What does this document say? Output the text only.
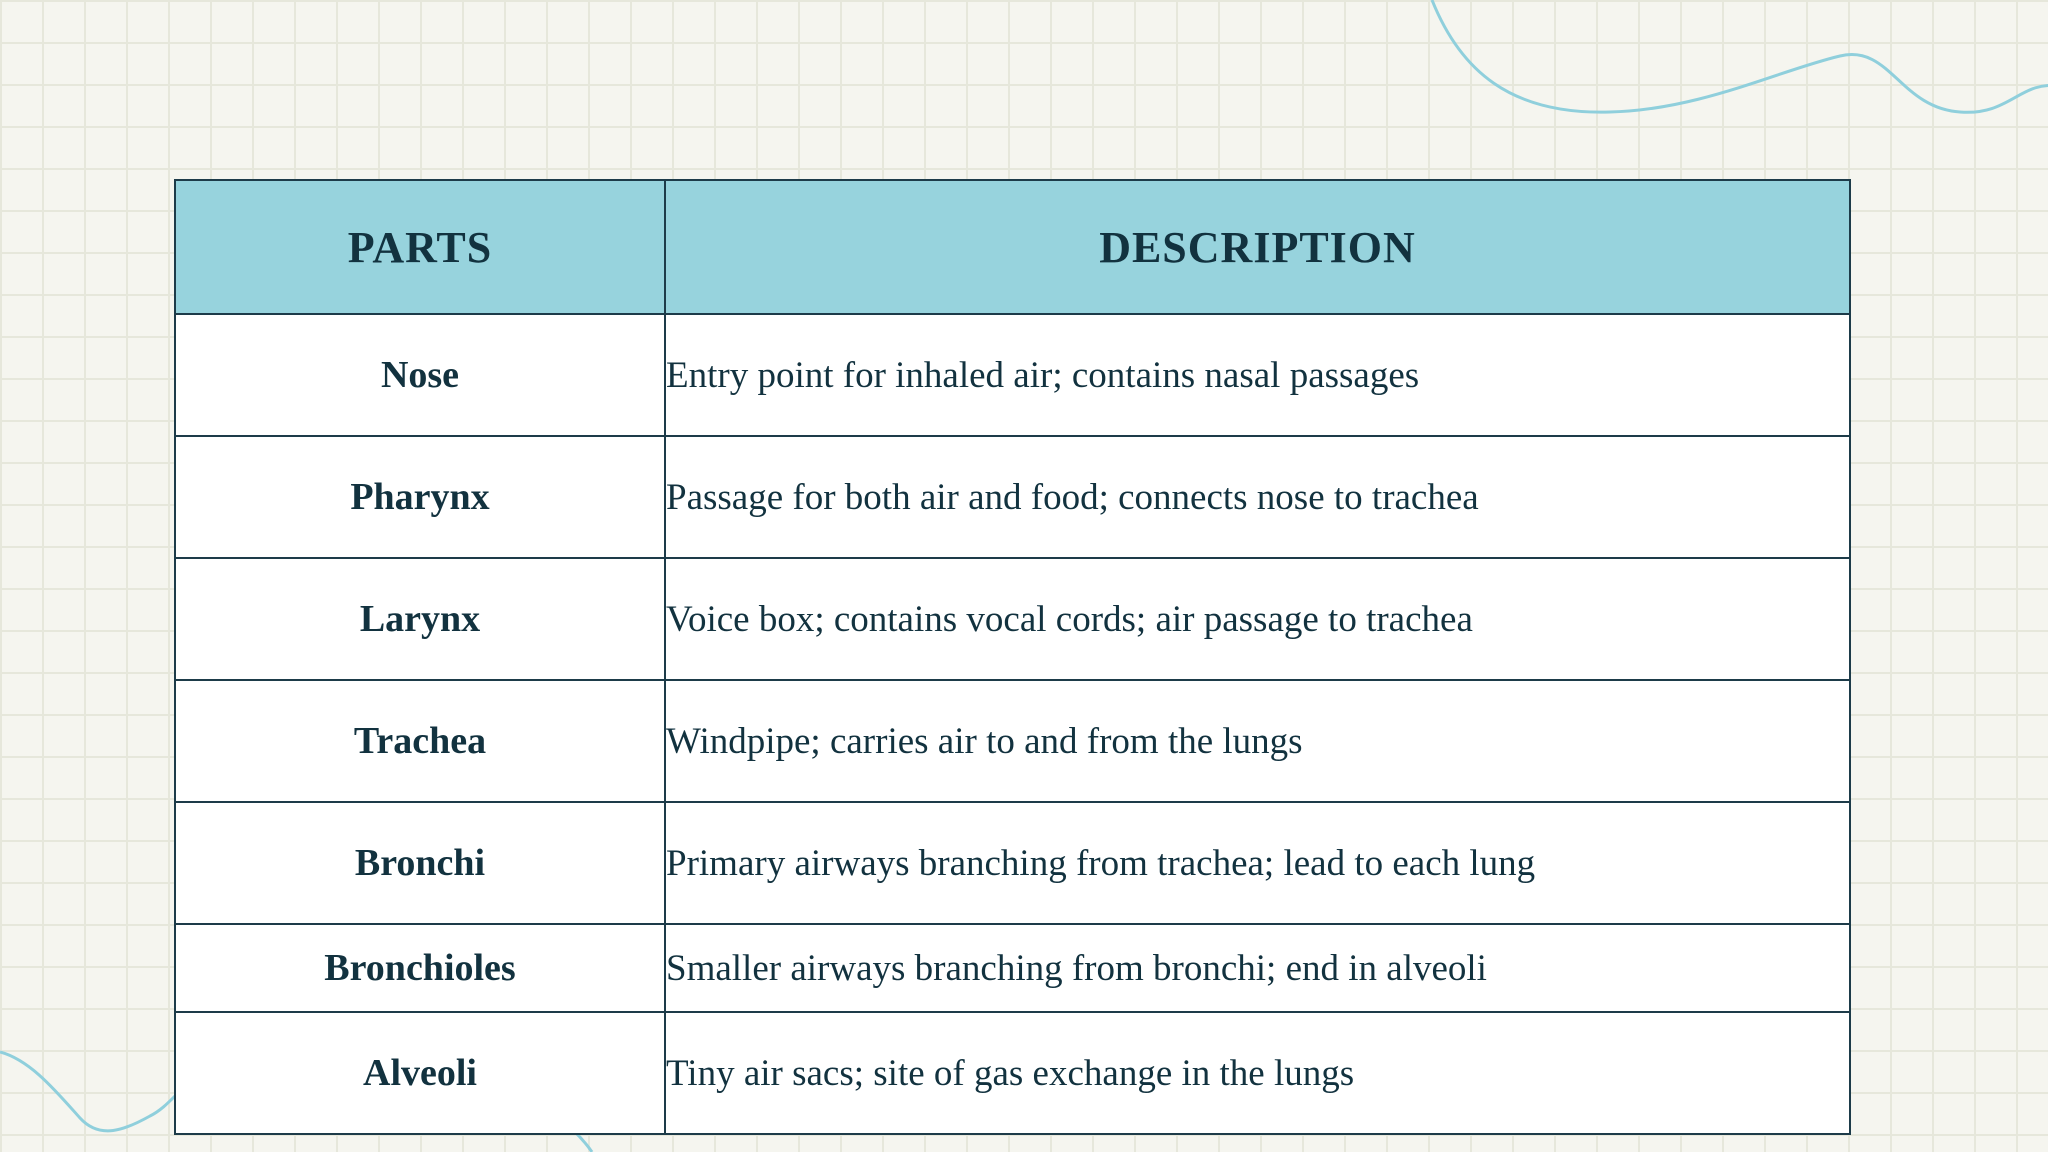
PARTS	DESCRIPTION
Nose	Entry point for inhaled air; contains nasal passages
Pharynx	Passage for both air and food; connects nose to trachea
Larynx	Voice box; contains vocal cords; air passage to trachea
Trachea	Windpipe; carries air to and from the lungs
Bronchi	Primary airways branching from trachea; lead to each lung
Bronchioles	Smaller airways branching from bronchi; end in alveoli
Alveoli	Tiny air sacs; site of gas exchange in the lungs
